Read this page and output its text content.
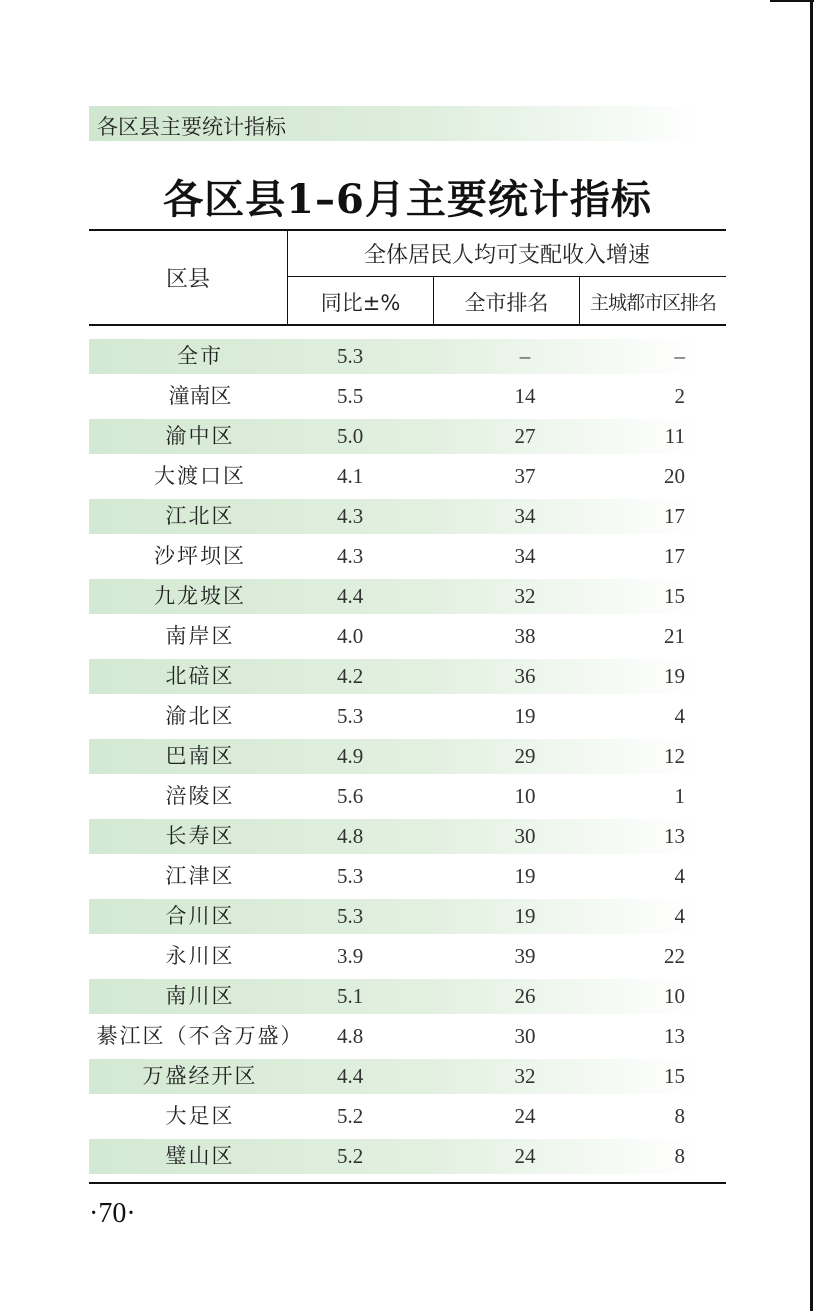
各区县主要统计指标
各区县1–6月主要统计指标
区县
全体居民人均可支配收入增速
同比±%	全市排名	主城都市区排名
全市	5.3	–	–
潼南区	5.5	14	2
渝中区	5.0	27	11
大渡口区	4.1	37	20
江北区	4.3	34	17
沙坪坝区	4.3	34	17
九龙坡区	4.4	32	15
南岸区	4.0	38	21
北碚区	4.2	36	19
渝北区	5.3	19	4
巴南区	4.9	29	12
涪陵区	5.6	10	1
长寿区	4.8	30	13
江津区	5.3	19	4
合川区	5.3	19	4
永川区	3.9	39	22
南川区	5.1	26	10
綦江区（不含万盛）	4.8	30	13
万盛经开区	4.4	32	15
大足区	5.2	24	8
璧山区	5.2	24	8
·70·
